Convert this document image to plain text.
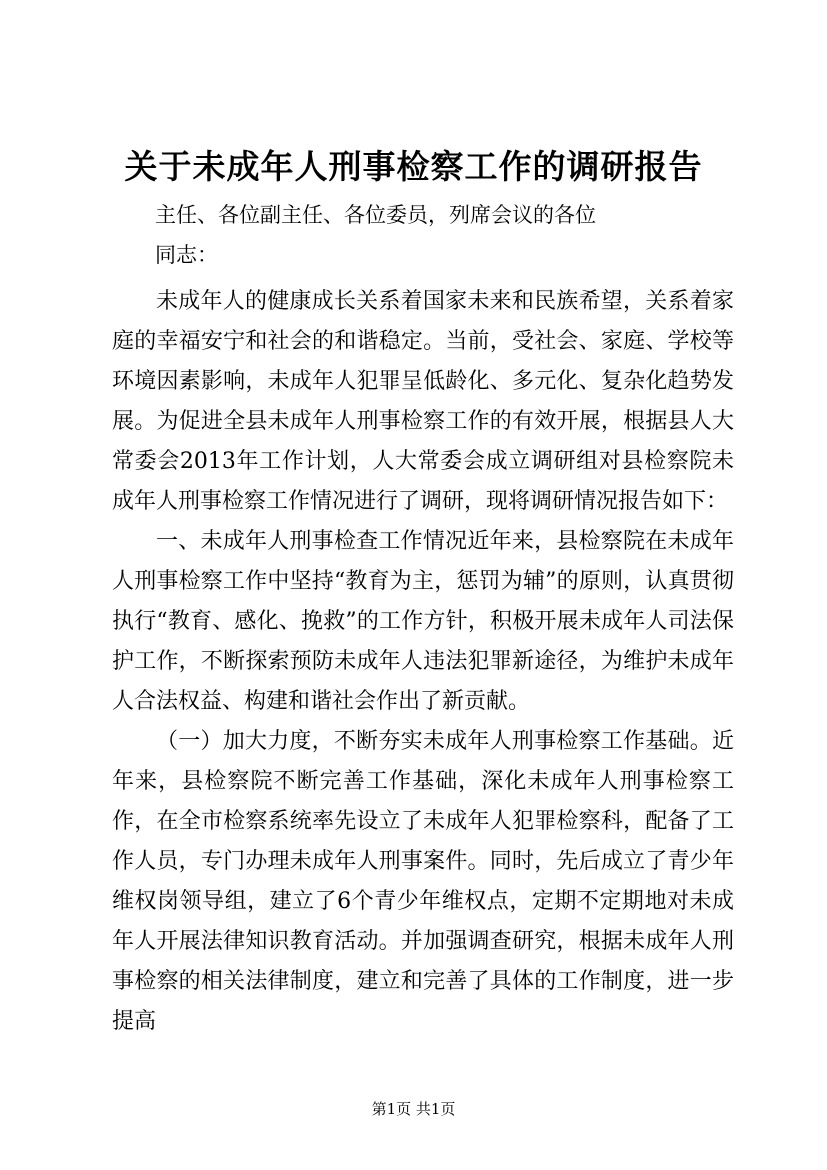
关于未成年人刑事检察工作的调研报告
主任、各位副主任、各位委员，列席会议的各位
同志：

未成年人的健康成长关系着国家未来和民族希望，关系着家庭的幸福安宁和社会的和谐稳定。当前，受社会、家庭、学校等环境因素影响，未成年人犯罪呈低龄化、多元化、复杂化趋势发展。为促进全县未成年人刑事检察工作的有效开展，根据县人大常委会2013年工作计划，人大常委会成立调研组对县检察院未成年人刑事检察工作情况进行了调研，现将调研情况报告如下：

一、未成年人刑事检查工作情况近年来，县检察院在未成年人刑事检察工作中坚持“教育为主，惩罚为辅”的原则，认真贯彻执行“教育、感化、挽救”的工作方针，积极开展未成年人司法保护工作，不断探索预防未成年人违法犯罪新途径，为维护未成年人合法权益、构建和谐社会作出了新贡献。

（一）加大力度，不断夯实未成年人刑事检察工作基础。近年来，县检察院不断完善工作基础，深化未成年人刑事检察工作，在全市检察系统率先设立了未成年人犯罪检察科，配备了工作人员，专门办理未成年人刑事案件。同时，先后成立了青少年维权岗领导组，建立了6个青少年维权点，定期不定期地对未成年人开展法律知识教育活动。并加强调查研究，根据未成年人刑事检察的相关法律制度，建立和完善了具体的工作制度，进一步提高

第1页 共1页
